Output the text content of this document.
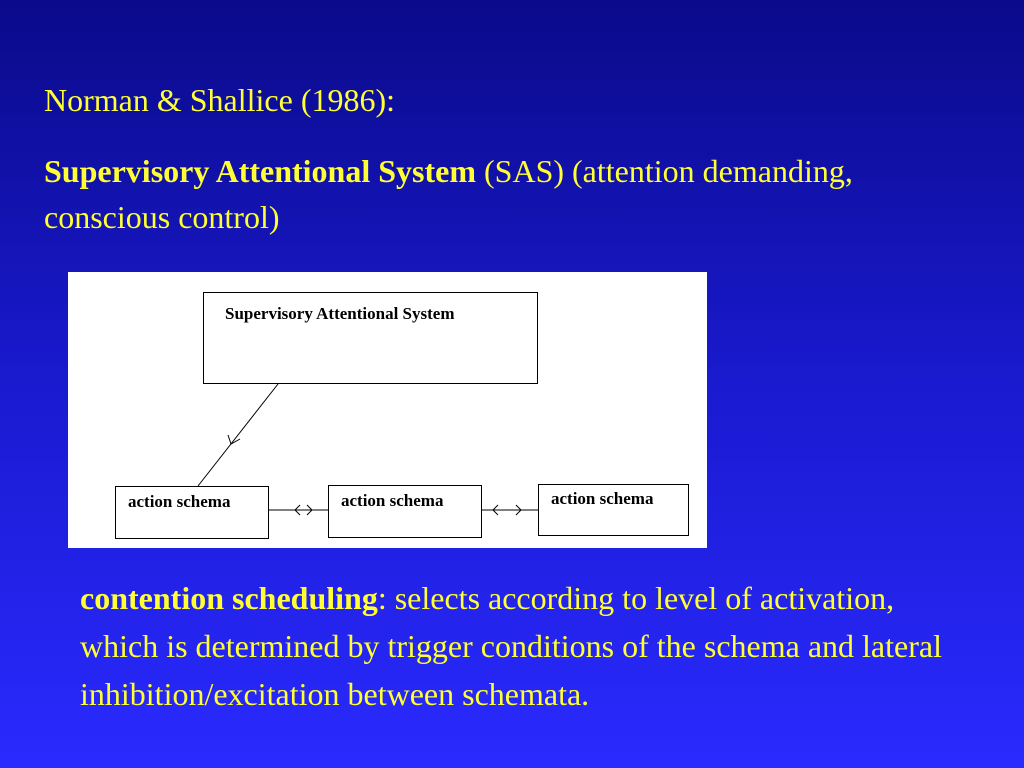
Norman & Shallice (1986):
Supervisory Attentional System (SAS) (attention demanding, conscious control)
Supervisory Attentional System
action schema	action schema	action schema
contention scheduling: selects according to level of activation, which is determined by trigger conditions of the schema and lateral inhibition/excitation between schemata.
